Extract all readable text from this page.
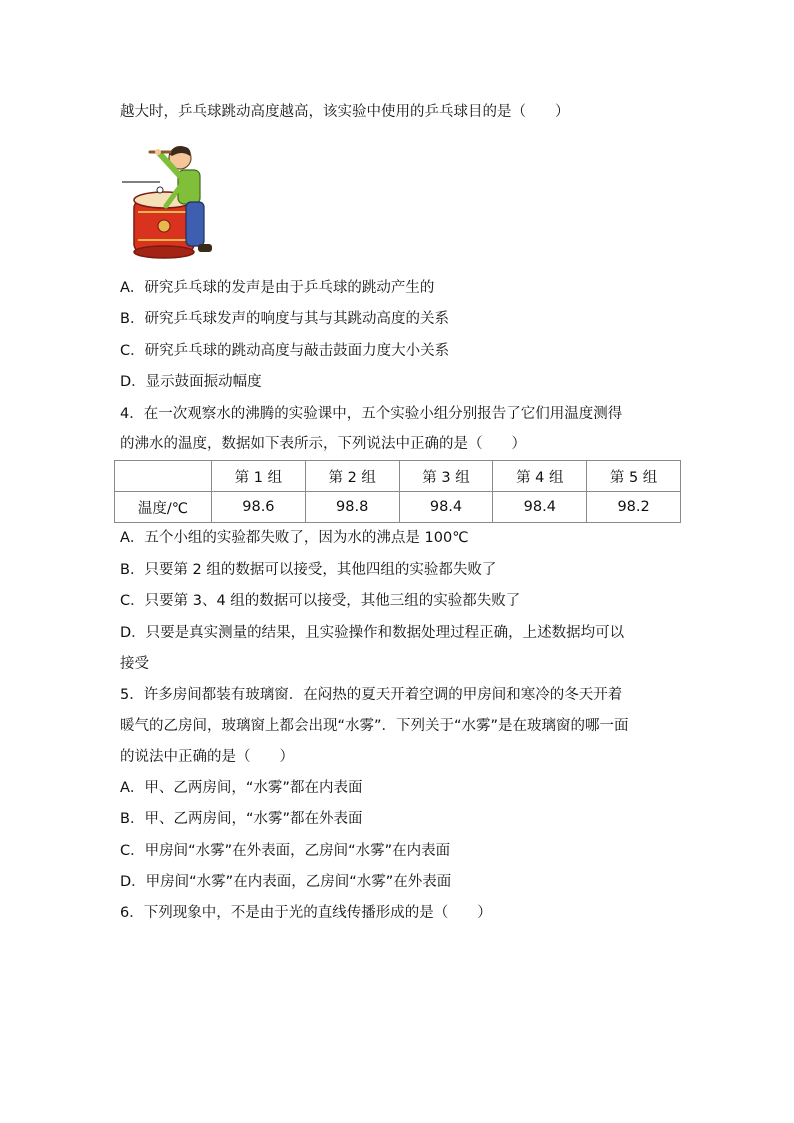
越大时，乒乓球跳动高度越高，该实验中使用的乒乓球目的是（　　）
A．研究乒乓球的发声是由于乒乓球的跳动产生的
B．研究乒乓球发声的响度与其与其跳动高度的关系
C．研究乒乓球的跳动高度与敲击鼓面力度大小关系
D．显示鼓面振动幅度
4．在一次观察水的沸腾的实验课中，五个实验小组分别报告了它们用温度测得
的沸水的温度，数据如下表所示，下列说法中正确的是（　　）
	第 1 组	第 2 组	第 3 组	第 4 组	第 5 组
温度/℃	98.6	98.8	98.4	98.4	98.2
A．五个小组的实验都失败了，因为水的沸点是 100℃
B．只要第 2 组的数据可以接受，其他四组的实验都失败了
C．只要第 3、4 组的数据可以接受，其他三组的实验都失败了
D．只要是真实测量的结果，且实验操作和数据处理过程正确，上述数据均可以
接受
5．许多房间都装有玻璃窗．在闷热的夏天开着空调的甲房间和寒冷的冬天开着
暖气的乙房间，玻璃窗上都会出现“水雾”．下列关于“水雾”是在玻璃窗的哪一面
的说法中正确的是（　　）
A．甲、乙两房间，“水雾”都在内表面
B．甲、乙两房间，“水雾”都在外表面
C．甲房间“水雾”在外表面，乙房间“水雾”在内表面
D．甲房间“水雾”在内表面，乙房间“水雾”在外表面
6．下列现象中，不是由于光的直线传播形成的是（　　）
